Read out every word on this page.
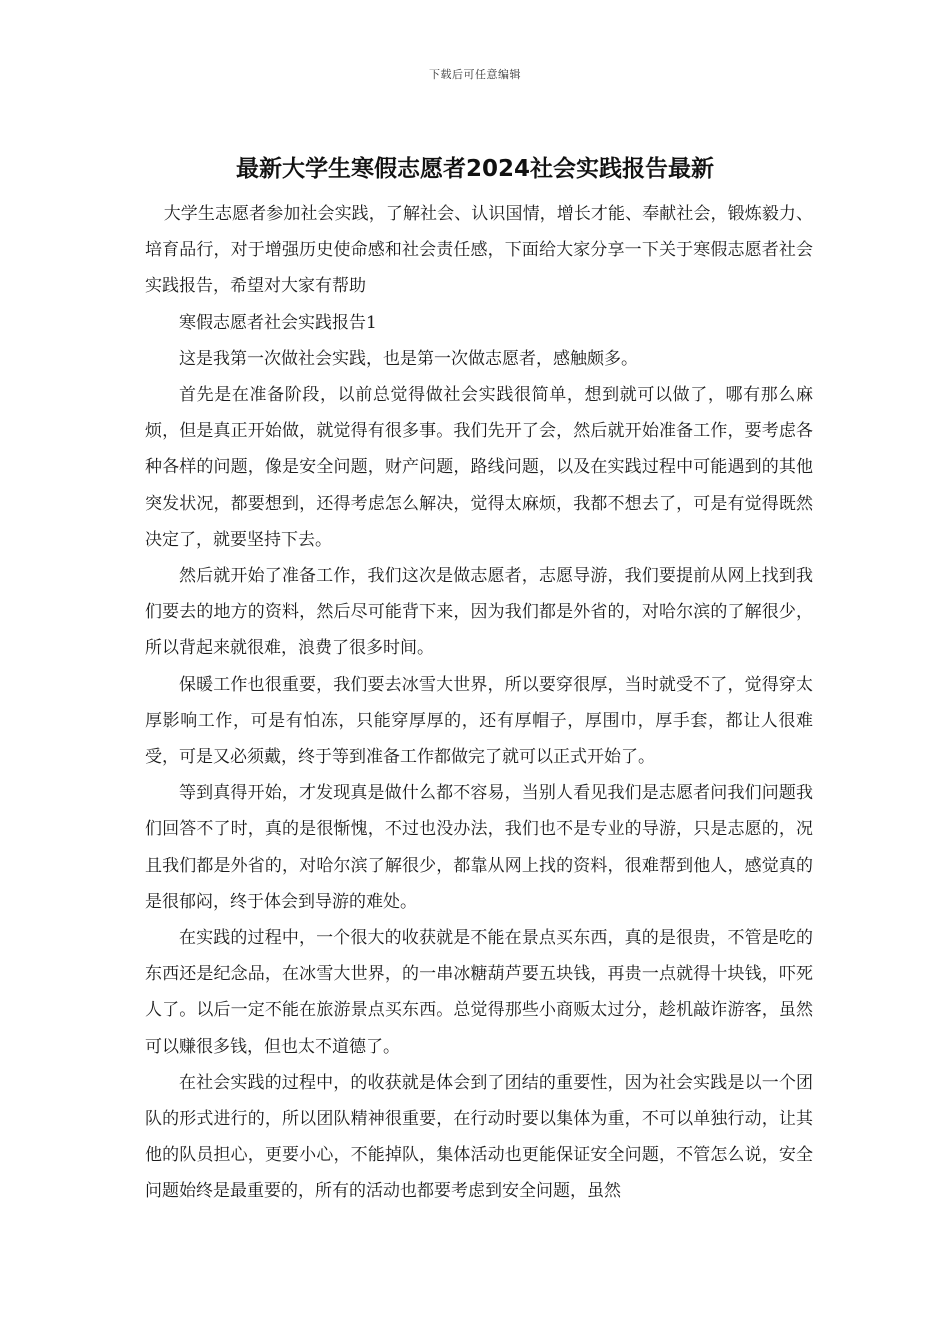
下载后可任意编辑
最新大学生寒假志愿者2024社会实践报告最新

大学生志愿者参加社会实践，了解社会、认识国情，增长才能、奉献社会，锻炼毅力、培育品行，对于增强历史使命感和社会责任感，下面给大家分享一下关于寒假志愿者社会实践报告，希望对大家有帮助

寒假志愿者社会实践报告1

这是我第一次做社会实践，也是第一次做志愿者，感触颇多。

首先是在准备阶段，以前总觉得做社会实践很简单，想到就可以做了，哪有那么麻烦，但是真正开始做，就觉得有很多事。我们先开了会，然后就开始准备工作，要考虑各种各样的问题，像是安全问题，财产问题，路线问题，以及在实践过程中可能遇到的其他突发状况，都要想到，还得考虑怎么解决，觉得太麻烦，我都不想去了，可是有觉得既然决定了，就要坚持下去。

然后就开始了准备工作，我们这次是做志愿者，志愿导游，我们要提前从网上找到我们要去的地方的资料，然后尽可能背下来，因为我们都是外省的，对哈尔滨的了解很少，所以背起来就很难，浪费了很多时间。

保暖工作也很重要，我们要去冰雪大世界，所以要穿很厚，当时就受不了，觉得穿太厚影响工作，可是有怕冻，只能穿厚厚的，还有厚帽子，厚围巾，厚手套，都让人很难受，可是又必须戴，终于等到准备工作都做完了就可以正式开始了。

等到真得开始，才发现真是做什么都不容易，当别人看见我们是志愿者问我们问题我们回答不了时，真的是很惭愧，不过也没办法，我们也不是专业的导游，只是志愿的，况且我们都是外省的，对哈尔滨了解很少，都靠从网上找的资料，很难帮到他人，感觉真的是很郁闷，终于体会到导游的难处。

在实践的过程中，一个很大的收获就是不能在景点买东西，真的是很贵，不管是吃的东西还是纪念品，在冰雪大世界，的一串冰糖葫芦要五块钱，再贵一点就得十块钱，吓死人了。以后一定不能在旅游景点买东西。总觉得那些小商贩太过分，趁机敲诈游客，虽然可以赚很多钱，但也太不道德了。

在社会实践的过程中，的收获就是体会到了团结的重要性，因为社会实践是以一个团队的形式进行的，所以团队精神很重要，在行动时要以集体为重，不可以单独行动，让其他的队员担心，更要小心，不能掉队，集体活动也更能保证安全问题，不管怎么说，安全问题始终是最重要的，所有的活动也都要考虑到安全问题，虽然
